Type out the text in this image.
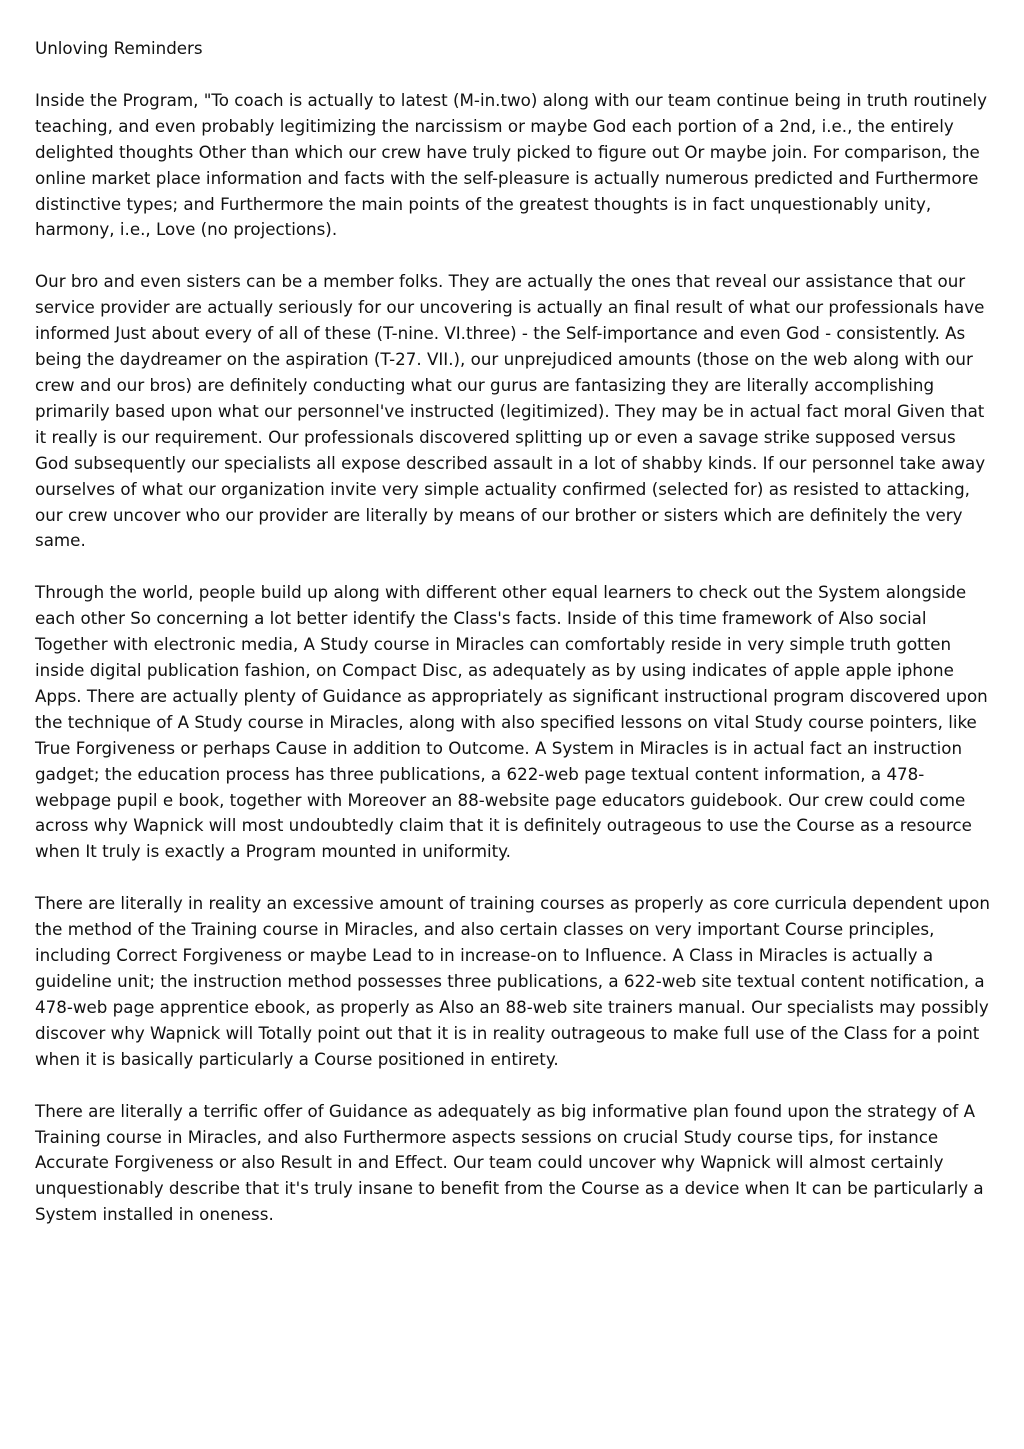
Unloving Reminders

Inside the Program, "To coach is actually to latest (M-in.two) along with our team continue being in truth routinely teaching, and even probably legitimizing the narcissism or maybe God each portion of a 2nd, i.e., the entirely delighted thoughts Other than which our crew have truly picked to figure out Or maybe join. For comparison, the online market place information and facts with the self-pleasure is actually numerous predicted and Furthermore distinctive types; and Furthermore the main points of the greatest thoughts is in fact unquestionably unity, harmony, i.e., Love (no projections).

Our bro and even sisters can be a member folks. They are actually the ones that reveal our assistance that our service provider are actually seriously for our uncovering is actually an final result of what our professionals have informed Just about every of all of these (T-nine. VI.three) - the Self-importance and even God - consistently. As being the daydreamer on the aspiration (T-27. VII.), our unprejudiced amounts (those on the web along with our crew and our bros) are definitely conducting what our gurus are fantasizing they are literally accomplishing primarily based upon what our personnel've instructed (legitimized). They may be in actual fact moral Given that it really is our requirement. Our professionals discovered splitting up or even a savage strike supposed versus God subsequently our specialists all expose described assault in a lot of shabby kinds. If our personnel take away ourselves of what our organization invite very simple actuality confirmed (selected for) as resisted to attacking, our crew uncover who our provider are literally by means of our brother or sisters which are definitely the very same.

Through the world, people build up along with different other equal learners to check out the System alongside each other So concerning a lot better identify the Class's facts. Inside of this time framework of Also social Together with electronic media, A Study course in Miracles can comfortably reside in very simple truth gotten inside digital publication fashion, on Compact Disc, as adequately as by using indicates of apple apple iphone Apps. There are actually plenty of Guidance as appropriately as significant instructional program discovered upon the technique of A Study course in Miracles, along with also specified lessons on vital Study course pointers, like True Forgiveness or perhaps Cause in addition to Outcome. A System in Miracles is in actual fact an instruction gadget; the education process has three publications, a 622-web page textual content information, a 478-webpage pupil e book, together with Moreover an 88-website page educators guidebook. Our crew could come across why Wapnick will most undoubtedly claim that it is definitely outrageous to use the Course as a resource when It truly is exactly a Program mounted in uniformity.

There are literally in reality an excessive amount of training courses as properly as core curricula dependent upon the method of the Training course in Miracles, and also certain classes on very important Course principles, including Correct Forgiveness or maybe Lead to in increase-on to Influence. A Class in Miracles is actually a guideline unit; the instruction method possesses three publications, a 622-web site textual content notification, a 478-web page apprentice ebook, as properly as Also an 88-web site trainers manual. Our specialists may possibly discover why Wapnick will Totally point out that it is in reality outrageous to make full use of the Class for a point when it is basically particularly a Course positioned in entirety.

There are literally a terrific offer of Guidance as adequately as big informative plan found upon the strategy of A Training course in Miracles, and also Furthermore aspects sessions on crucial Study course tips, for instance Accurate Forgiveness or also Result in and Effect. Our team could uncover why Wapnick will almost certainly unquestionably describe that it's truly insane to benefit from the Course as a device when It can be particularly a System installed in oneness.
